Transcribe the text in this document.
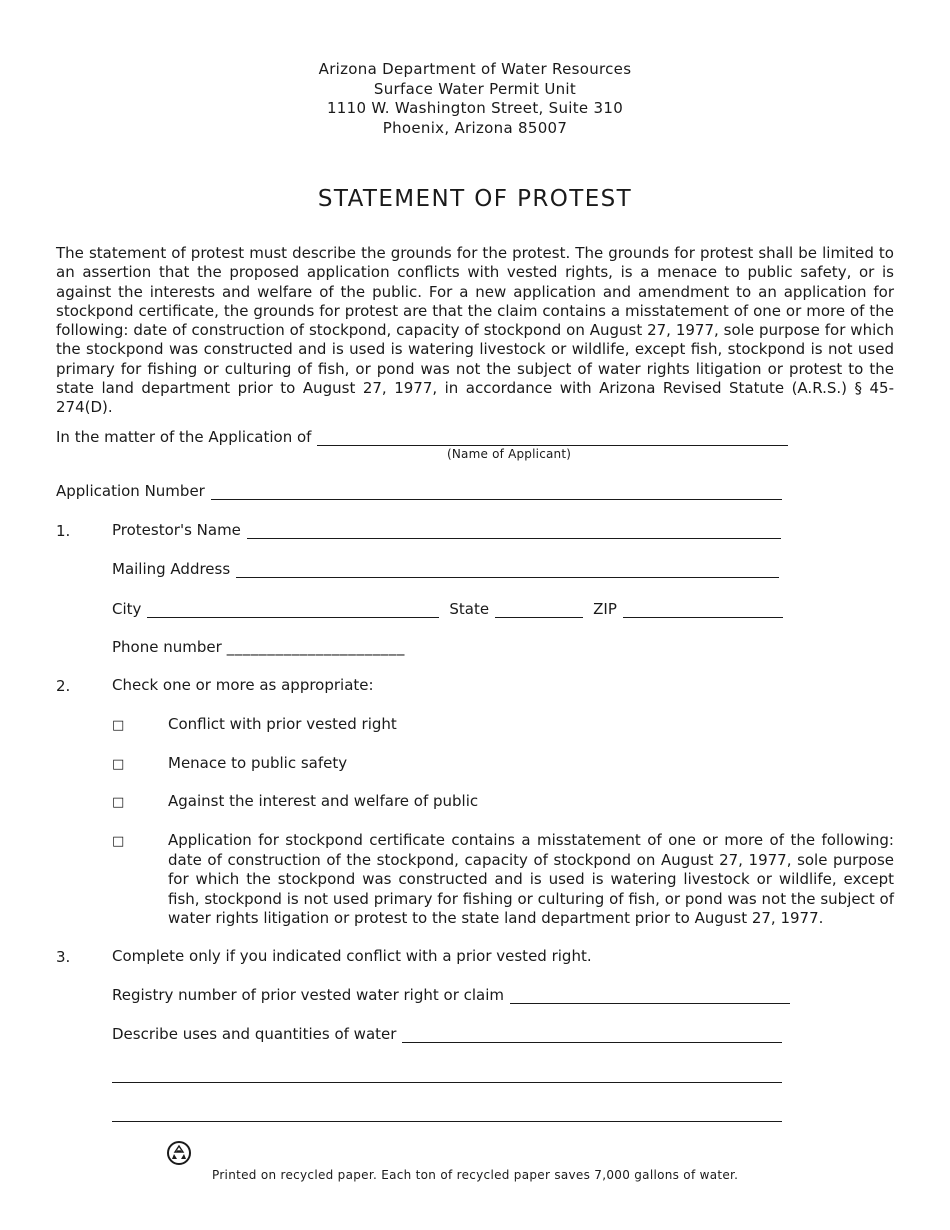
Arizona Department of Water Resources
Surface Water Permit Unit
1110 W. Washington Street, Suite 310
Phoenix, Arizona 85007
STATEMENT OF PROTEST
The statement of protest must describe the grounds for the protest. The grounds for protest shall be limited to an assertion that the proposed application conflicts with vested rights, is a menace to public safety, or is against the interests and welfare of the public. For a new application and amendment to an application for stockpond certificate, the grounds for protest are that the claim contains a misstatement of one or more of the following: date of construction of stockpond, capacity of stockpond on August 27, 1977, sole purpose for which the stockpond was constructed and is used is watering livestock or wildlife, except fish, stockpond is not used primary for fishing or culturing of fish, or pond was not the subject of water rights litigation or protest to the state land department prior to August 27, 1977, in accordance with Arizona Revised Statute (A.R.S.) § 45-274(D).
In the matter of the Application of
(Name of Applicant)
Application Number
1.	Protestor's Name
Mailing Address
City	State	ZIP
Phone number ______________________
2.	Check one or more as appropriate:
□	Conflict with prior vested right
□	Menace to public safety
□	Against the interest and welfare of public
□	Application for stockpond certificate contains a misstatement of one or more of the following: date of construction of the stockpond, capacity of stockpond on August 27, 1977, sole purpose for which the stockpond was constructed and is used is watering livestock or wildlife, except fish, stockpond is not used primary for fishing or culturing of fish, or pond was not the subject of water rights litigation or protest to the state land department prior to August 27, 1977.
3.	Complete only if you indicated conflict with a prior vested right.
Registry number of prior vested water right or claim
Describe uses and quantities of water
Printed on recycled paper. Each ton of recycled paper saves 7,000 gallons of water.
